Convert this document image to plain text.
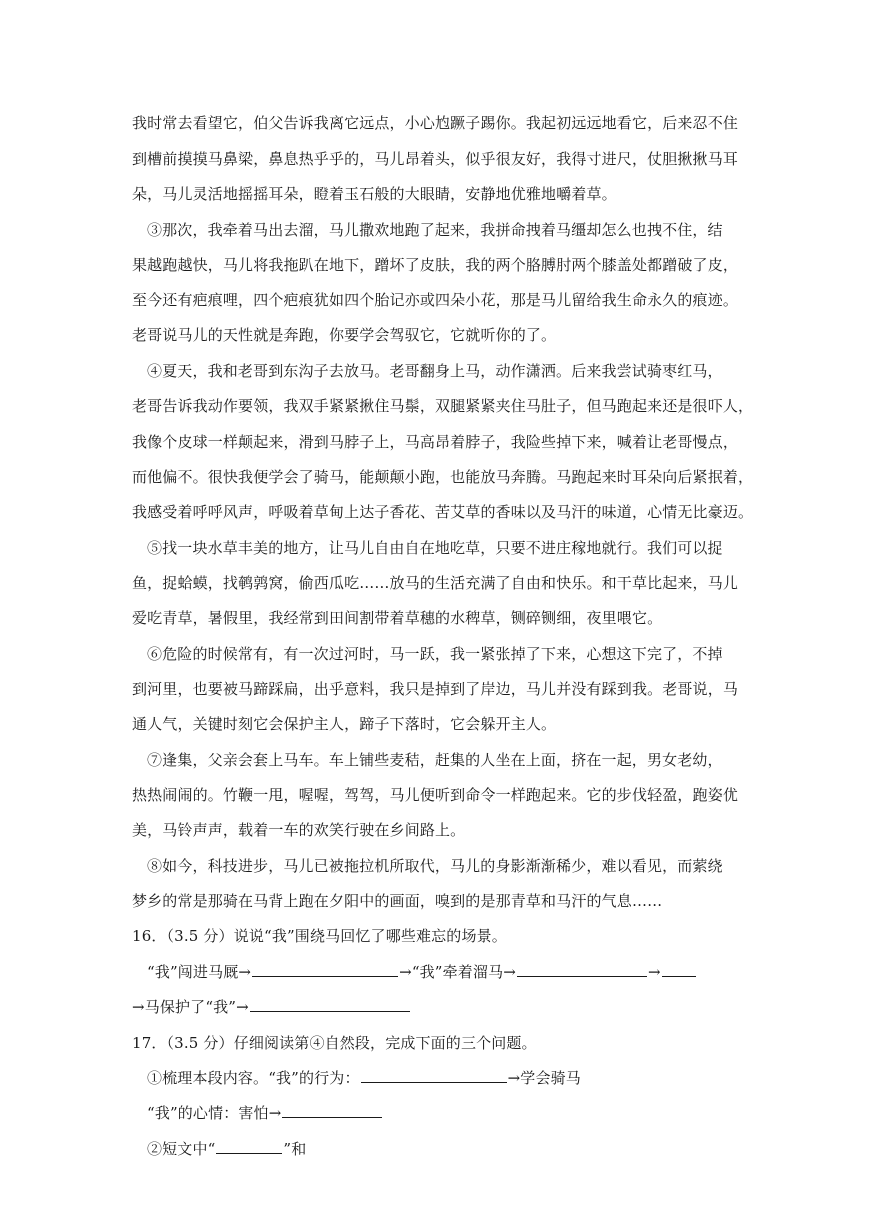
我时常去看望它，伯父告诉我离它远点，小心尥蹶子踢你。我起初远远地看它，后来忍不住
到槽前摸摸马鼻梁，鼻息热乎乎的，马儿昂着头，似乎很友好，我得寸进尺，仗胆揪揪马耳
朵，马儿灵活地摇摇耳朵，瞪着玉石般的大眼睛，安静地优雅地嚼着草。
③那次，我牵着马出去溜，马儿撒欢地跑了起来，我拼命拽着马缰却怎么也拽不住，结
果越跑越快，马儿将我拖趴在地下，蹭坏了皮肤，我的两个胳膊肘两个膝盖处都蹭破了皮，
至今还有疤痕哩，四个疤痕犹如四个胎记亦或四朵小花，那是马儿留给我生命永久的痕迹。
老哥说马儿的天性就是奔跑，你要学会驾驭它，它就听你的了。
④夏天，我和老哥到东沟子去放马。老哥翻身上马，动作潇洒。后来我尝试骑枣红马，
老哥告诉我动作要领，我双手紧紧揪住马鬃，双腿紧紧夹住马肚子，但马跑起来还是很吓人，
我像个皮球一样颠起来，滑到马脖子上，马高昂着脖子，我险些掉下来，喊着让老哥慢点，
而他偏不。很快我便学会了骑马，能颠颠小跑，也能放马奔腾。马跑起来时耳朵向后紧抿着，
我感受着呼呼风声，呼吸着草甸上达子香花、苦艾草的香味以及马汗的味道，心情无比豪迈。
⑤找一块水草丰美的地方，让马儿自由自在地吃草，只要不进庄稼地就行。我们可以捉
鱼，捉蛤蟆，找鹌鹑窝，偷西瓜吃……放马的生活充满了自由和快乐。和干草比起来，马儿
爱吃青草，暑假里，我经常到田间割带着草穗的水稗草，铡碎铡细，夜里喂它。
⑥危险的时候常有，有一次过河时，马一跃，我一紧张掉了下来，心想这下完了，不掉
到河里，也要被马蹄踩扁，出乎意料，我只是掉到了岸边，马儿并没有踩到我。老哥说，马
通人气，关键时刻它会保护主人，蹄子下落时，它会躲开主人。
⑦逢集，父亲会套上马车。车上铺些麦秸，赶集的人坐在上面，挤在一起，男女老幼，
热热闹闹的。竹鞭一甩，喔喔，驾驾，马儿便听到命令一样跑起来。它的步伐轻盈，跑姿优
美，马铃声声，载着一车的欢笑行驶在乡间路上。
⑧如今，科技进步，马儿已被拖拉机所取代，马儿的身影渐渐稀少，难以看见，而萦绕
梦乡的常是那骑在马背上跑在夕阳中的画面，嗅到的是那青草和马汗的气息……
16．（3.5 分）说说“我”围绕马回忆了哪些难忘的场景。
“我”闯进马厩→	→“我”牵着溜马→	→
→马保护了“我”→
17．（3.5 分）仔细阅读第④自然段，完成下面的三个问题。
①梳理本段内容。“我”的行为：	→学会骑马
“我”的心情：害怕→
②短文中“	”和
